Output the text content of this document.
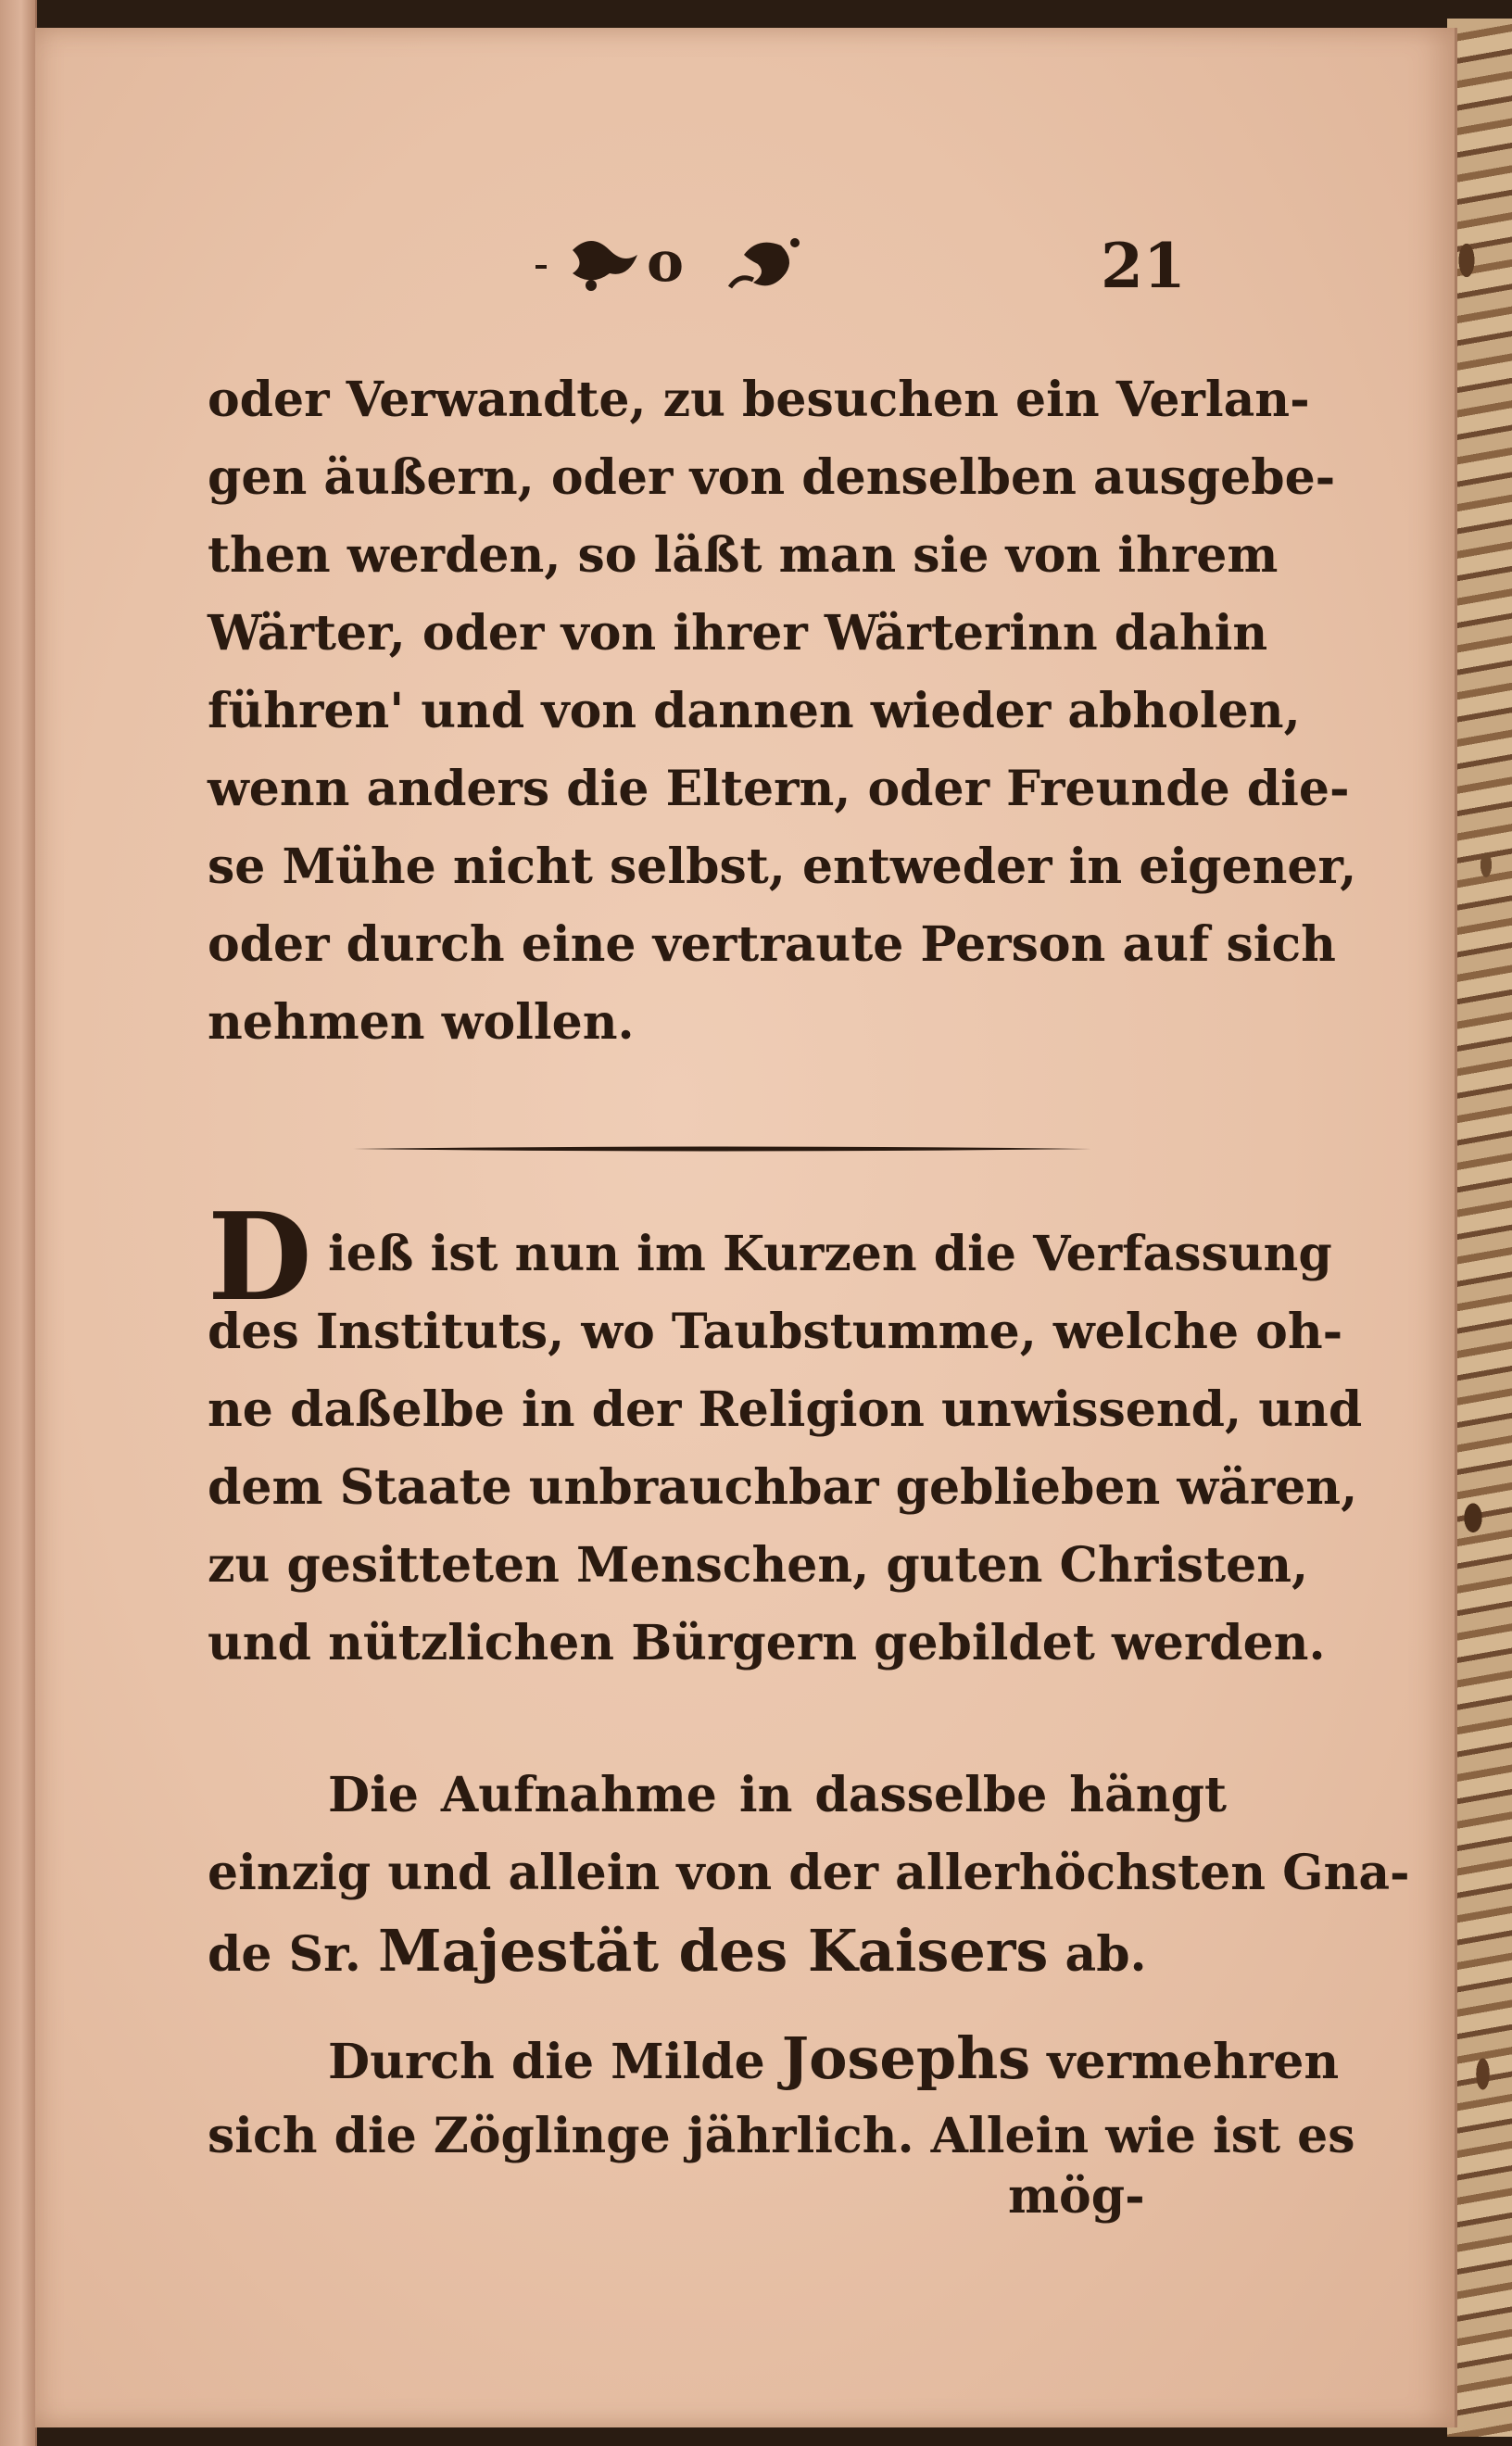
o	21
oder Verwandte, zu besuchen ein Verlan-
gen äußern, oder von denselben ausgebe-
then werden, so läßt man sie von ihrem
Wärter, oder von ihrer Wärterinn dahin
führen' und von dannen wieder abholen,
wenn anders die Eltern, oder Freunde die-
se Mühe nicht selbst, entweder in eigener,
oder durch eine vertraute Person auf sich
nehmen wollen.
D ieß ist nun im Kurzen die Verfassung
des Instituts, wo Taubstumme, welche oh-
ne daßelbe in der Religion unwissend, und
dem Staate unbrauchbar geblieben wären,
zu gesitteten Menschen, guten Christen,
und nützlichen Bürgern gebildet werden.
Die Aufnahme in dasselbe hängt
einzig und allein von der allerhöchsten Gna-
de Sr. Majestät des Kaisers ab.
Durch die Milde Josephs vermehren
sich die Zöglinge jährlich. Allein wie ist es
mög-
